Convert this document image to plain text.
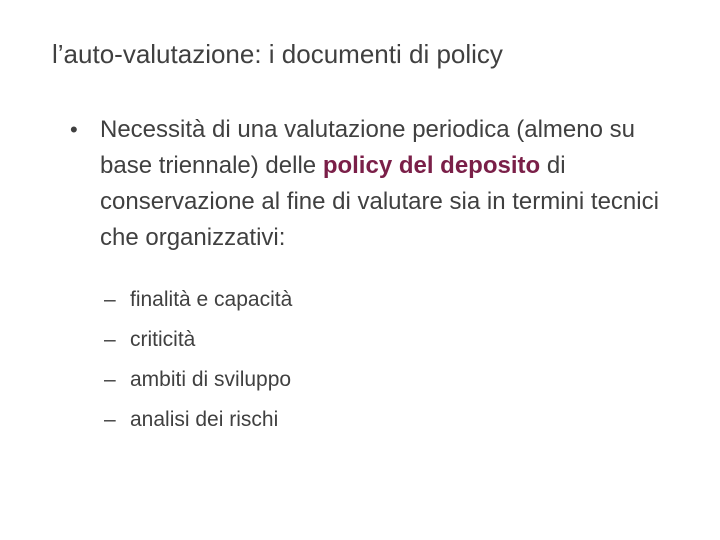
l’auto-valutazione: i documenti di policy
• Necessità di una valutazione periodica (almeno su base triennale) delle policy del deposito di conservazione al fine di valutare sia in termini tecnici che organizzativi:
– finalità e capacità
– criticità
– ambiti di sviluppo
– analisi dei rischi
